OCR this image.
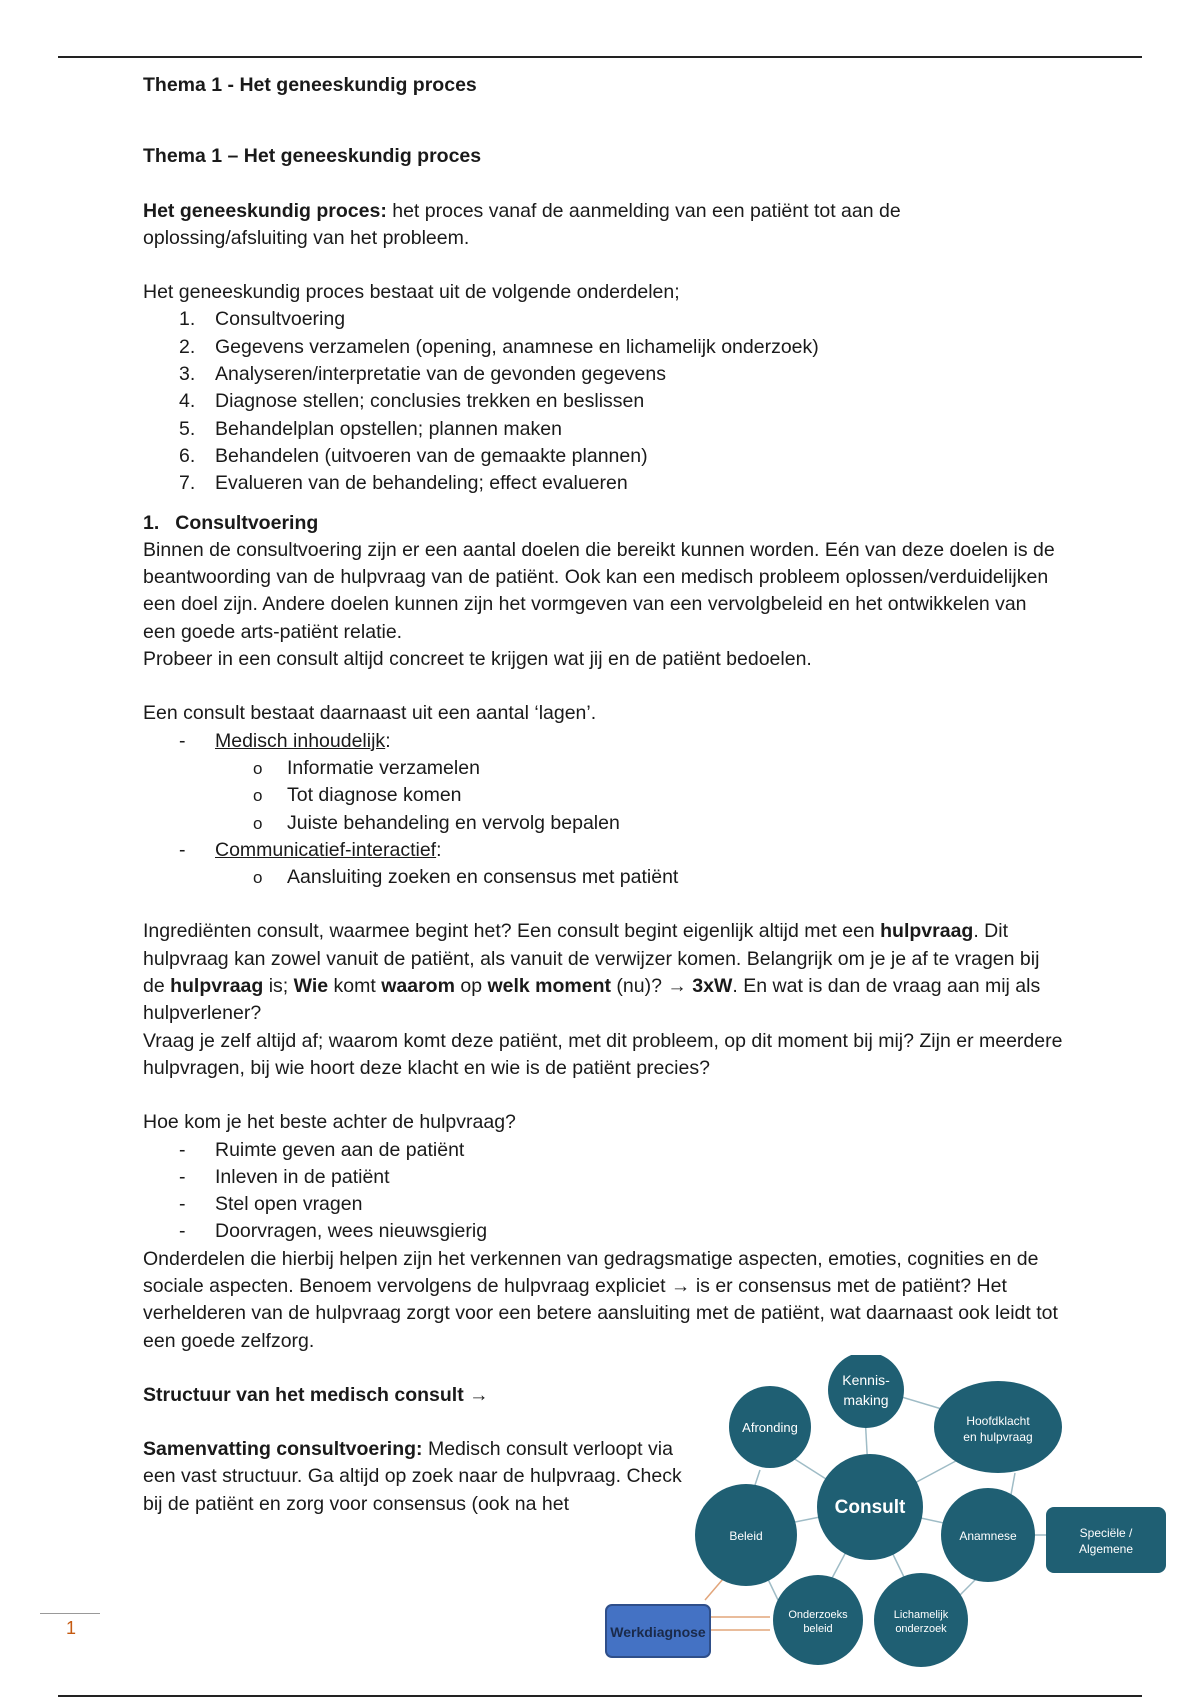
Thema 1 - Het geneeskundig proces

Thema 1 – Het geneeskundig proces

Het geneeskundig proces: het proces vanaf de aanmelding van een patiënt tot aan de oplossing/afsluiting van het probleem.

Het geneeskundig proces bestaat uit de volgende onderdelen;

1. Consultvoering
2. Gegevens verzamelen (opening, anamnese en lichamelijk onderzoek)
3. Analyseren/interpretatie van de gevonden gegevens
4. Diagnose stellen; conclusies trekken en beslissen
5. Behandelplan opstellen; plannen maken
6. Behandelen (uitvoeren van de gemaakte plannen)
7. Evalueren van de behandeling; effect evalueren

1. Consultvoering

Binnen de consultvoering zijn er een aantal doelen die bereikt kunnen worden. Eén van deze doelen is de beantwoording van de hulpvraag van de patiënt. Ook kan een medisch probleem oplossen/verduidelijken een doel zijn. Andere doelen kunnen zijn het vormgeven van een vervolgbeleid en het ontwikkelen van een goede arts-patiënt relatie.

Probeer in een consult altijd concreet te krijgen wat jij en de patiënt bedoelen.

Een consult bestaat daarnaast uit een aantal ‘lagen’.

- Medisch inhoudelijk:

o Informatie verzamelen

o Tot diagnose komen

o Juiste behandeling en vervolg bepalen

- Communicatief-interactief:

o Aansluiting zoeken en consensus met patiënt

Ingrediënten consult, waarmee begint het? Een consult begint eigenlijk altijd met een hulpvraag. Dit hulpvraag kan zowel vanuit de patiënt, als vanuit de verwijzer komen. Belangrijk om je je af te vragen bij de hulpvraag is; Wie komt waarom op welk moment (nu)? → 3xW. En wat is dan de vraag aan mij als hulpverlener?

Vraag je zelf altijd af; waarom komt deze patiënt, met dit probleem, op dit moment bij mij? Zijn er meerdere hulpvragen, bij wie hoort deze klacht en wie is de patiënt precies?

Hoe kom je het beste achter de hulpvraag?

- Ruimte geven aan de patiënt

- Inleven in de patiënt

- Stel open vragen

- Doorvragen, wees nieuwsgierig

Onderdelen die hierbij helpen zijn het verkennen van gedragsmatige aspecten, emoties, cognities en de sociale aspecten. Benoem vervolgens de hulpvraag expliciet → is er consensus met de patiënt? Het verhelderen van de hulpvraag zorgt voor een betere aansluiting met de patiënt, wat daarnaast ook leidt tot een goede zelfzorg.

Structuur van het medisch consult →

Samenvatting consultvoering: Medisch consult verloopt via een vast structuur. Ga altijd op zoek naar de hulpvraag. Check bij de patiënt en zorg voor consensus (ook na het

Kennis-
making
Afronding	Hoofdklacht
en hulpvraag
Consult
Beleid	Anamnese
Onderzoeks
beleid
Lichamelijk
onderzoek
Speciële /
Algemene
Werkdiagnose
1
